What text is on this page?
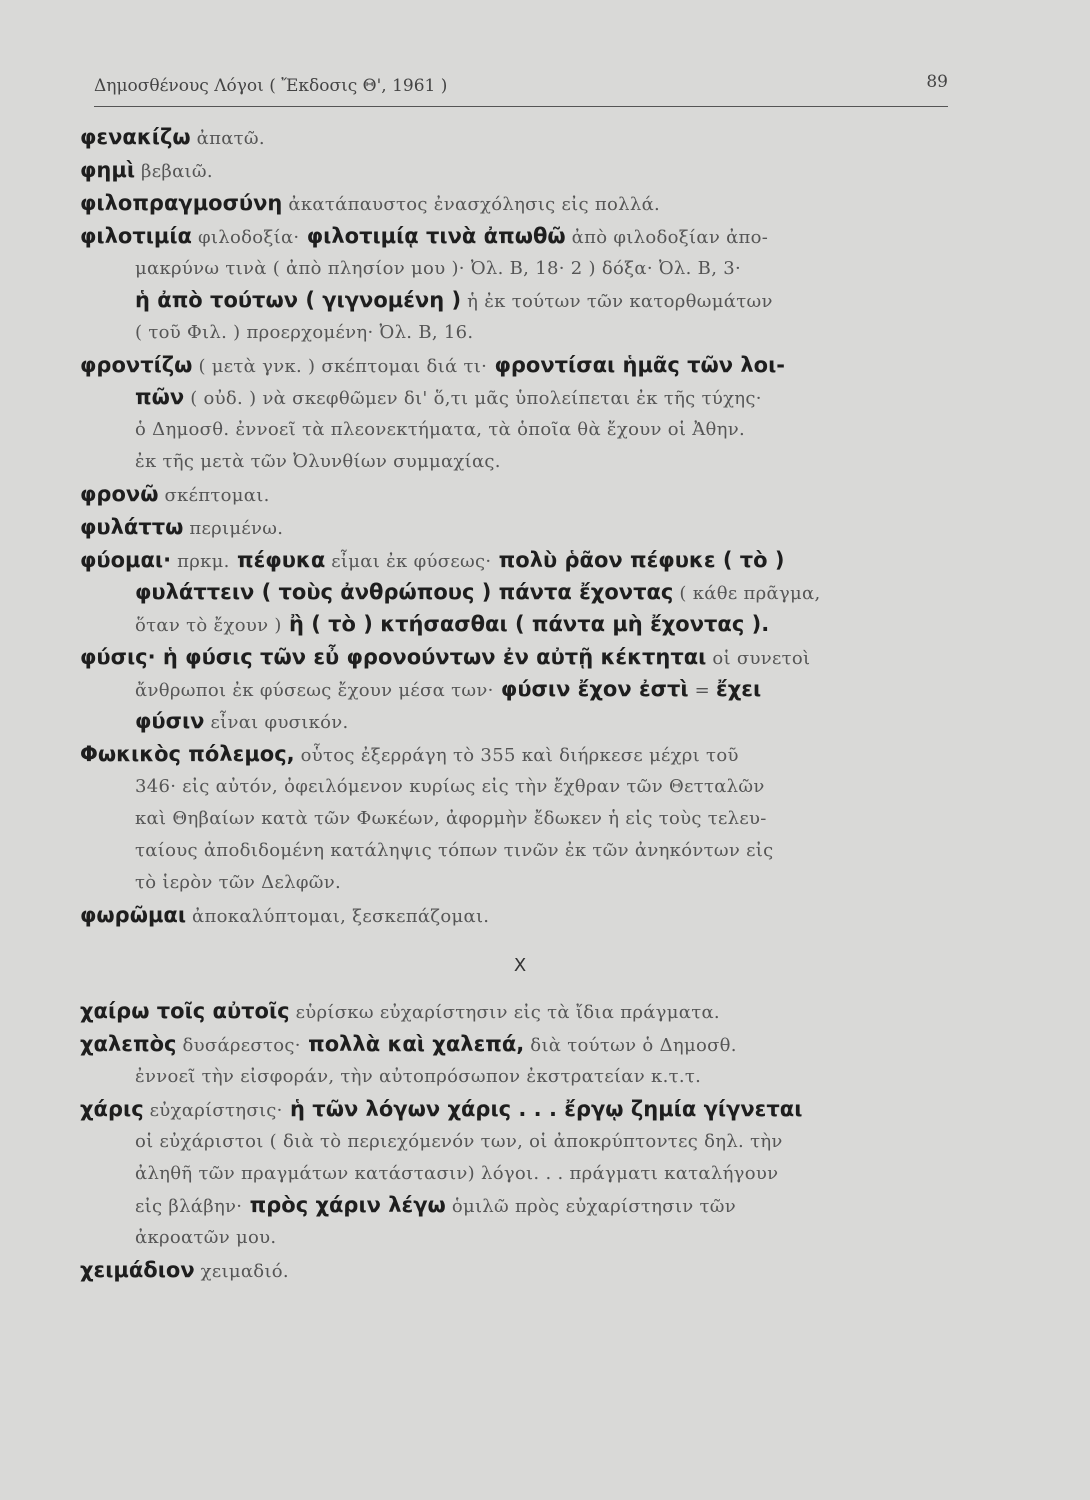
Δημοσθένους Λόγοι ( Ἔκδοσις Θ', 1961 )	89
φενακίζω ἀπατῶ.
φημὶ βεβαιῶ.
φιλοπραγμοσύνη ἀκατάπαυστος ἐνασχόλησις εἰς πολλά.
φιλοτιμία φιλοδοξία· φιλοτιμίᾳ τινὰ ἀπωθῶ ἀπὸ φιλοδοξίαν ἀπο-
μακρύνω τινὰ ( ἀπὸ πλησίον μου )· Ὀλ. Β, 18· 2 ) δόξα· Ὀλ. Β, 3·
ἡ ἀπὸ τούτων ( γιγνομένη ) ἡ ἐκ τούτων τῶν κατορθωμάτων
( τοῦ Φιλ. ) προερχομένη· Ὀλ. Β, 16.
φροντίζω ( μετὰ γνκ. ) σκέπτομαι διά τι· φροντίσαι ἡμᾶς τῶν λοι-
πῶν ( οὐδ. ) νὰ σκεφθῶμεν δι' ὅ,τι μᾶς ὑπολείπεται ἐκ τῆς τύχης·
ὁ Δημοσθ. ἐννοεῖ τὰ πλεονεκτήματα, τὰ ὁποῖα θὰ ἔχουν οἱ Ἀθην.
ἐκ τῆς μετὰ τῶν Ὀλυνθίων συμμαχίας.
φρονῶ σκέπτομαι.
φυλάττω περιμένω.
φύομαι· πρκμ. πέφυκα εἶμαι ἐκ φύσεως· πολὺ ῥᾶον πέφυκε ( τὸ )
φυλάττειν ( τοὺς ἀνθρώπους ) πάντα ἔχοντας ( κάθε πρᾶγμα,
ὅταν τὸ ἔχουν ) ἢ ( τὸ ) κτήσασθαι ( πάντα μὴ ἔχοντας ).
φύσις· ἡ φύσις τῶν εὖ φρονούντων ἐν αὐτῇ κέκτηται οἱ συνετοὶ
ἄνθρωποι ἐκ φύσεως ἔχουν μέσα των· φύσιν ἔχον ἐστὶ = ἔχει
φύσιν εἶναι φυσικόν.
Φωκικὸς πόλεμος, οὗτος ἐξερράγη τὸ 355 καὶ διήρκεσε μέχρι τοῦ
346· εἰς αὐτόν, ὀφειλόμενον κυρίως εἰς τὴν ἔχθραν τῶν Θετταλῶν
καὶ Θηβαίων κατὰ τῶν Φωκέων, ἀφορμὴν ἔδωκεν ἡ εἰς τοὺς τελευ-
ταίους ἀποδιδομένη κατάληψις τόπων τινῶν ἐκ τῶν ἀνηκόντων εἰς
τὸ ἱερὸν τῶν Δελφῶν.
φωρῶμαι ἀποκαλύπτομαι, ξεσκεπάζομαι.
X
χαίρω τοῖς αὐτοῖς εὑρίσκω εὐχαρίστησιν εἰς τὰ ἴδια πράγματα.
χαλεπὸς δυσάρεστος· πολλὰ καὶ χαλεπά, διὰ τούτων ὁ Δημοσθ.
ἐννοεῖ τὴν εἰσφοράν, τὴν αὐτοπρόσωπον ἐκστρατείαν κ.τ.τ.
χάρις εὐχαρίστησις· ἡ τῶν λόγων χάρις . . . ἔργῳ ζημία γίγνεται
οἱ εὐχάριστοι ( διὰ τὸ περιεχόμενόν των, οἱ ἀποκρύπτοντες δηλ. τὴν
ἀληθῆ τῶν πραγμάτων κατάστασιν) λόγοι. . . πράγματι καταλήγουν
εἰς βλάβην· πρὸς χάριν λέγω ὁμιλῶ πρὸς εὐχαρίστησιν τῶν
ἀκροατῶν μου.
χειμάδιον χειμαδιό.
